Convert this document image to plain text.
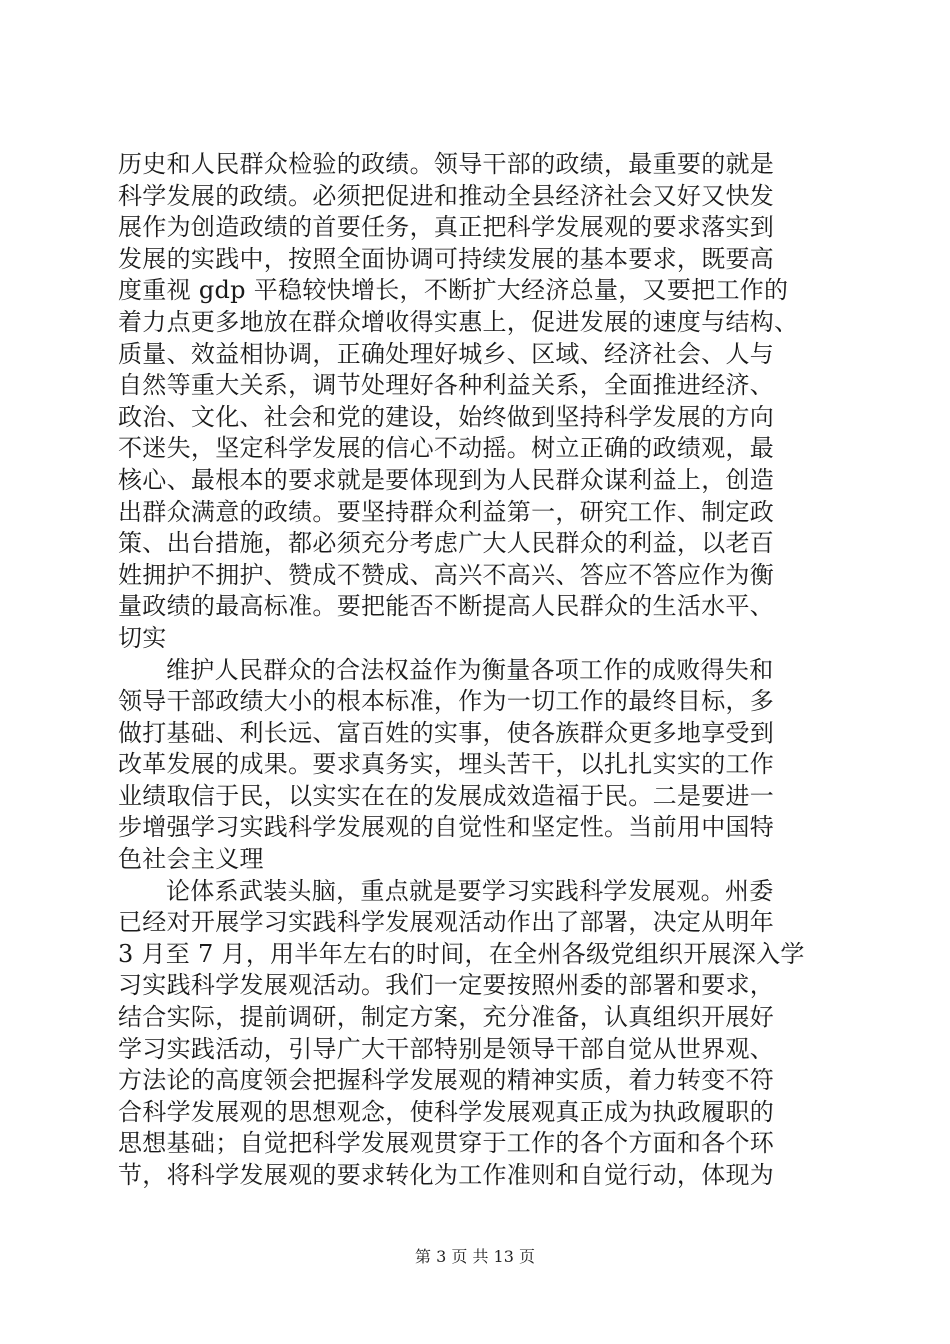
历史和人民群众检验的政绩。领导干部的政绩，最重要的就是
科学发展的政绩。必须把促进和推动全县经济社会又好又快发
展作为创造政绩的首要任务，真正把科学发展观的要求落实到
发展的实践中，按照全面协调可持续发展的基本要求，既要高
度重视 gdp 平稳较快增长，不断扩大经济总量，又要把工作的
着力点更多地放在群众增收得实惠上，促进发展的速度与结构、
质量、效益相协调，正确处理好城乡、区域、经济社会、人与
自然等重大关系，调节处理好各种利益关系，全面推进经济、
政治、文化、社会和党的建设，始终做到坚持科学发展的方向
不迷失，坚定科学发展的信心不动摇。树立正确的政绩观，最
核心、最根本的要求就是要体现到为人民群众谋利益上，创造
出群众满意的政绩。要坚持群众利益第一，研究工作、制定政
策、出台措施，都必须充分考虑广大人民群众的利益，以老百
姓拥护不拥护、赞成不赞成、高兴不高兴、答应不答应作为衡
量政绩的最高标准。要把能否不断提高人民群众的生活水平、
切实
维护人民群众的合法权益作为衡量各项工作的成败得失和
领导干部政绩大小的根本标准，作为一切工作的最终目标，多
做打基础、利长远、富百姓的实事，使各族群众更多地享受到
改革发展的成果。要求真务实，埋头苦干，以扎扎实实的工作
业绩取信于民，以实实在在的发展成效造福于民。二是要进一
步增强学习实践科学发展观的自觉性和坚定性。当前用中国特
色社会主义理
论体系武装头脑，重点就是要学习实践科学发展观。州委
已经对开展学习实践科学发展观活动作出了部署，决定从明年
3 月至 7 月，用半年左右的时间，在全州各级党组织开展深入学
习实践科学发展观活动。我们一定要按照州委的部署和要求，
结合实际，提前调研，制定方案，充分准备，认真组织开展好
学习实践活动，引导广大干部特别是领导干部自觉从世界观、
方法论的高度领会把握科学发展观的精神实质，着力转变不符
合科学发展观的思想观念，使科学发展观真正成为执政履职的
思想基础；自觉把科学发展观贯穿于工作的各个方面和各个环
节，将科学发展观的要求转化为工作准则和自觉行动，体现为
第 3 页 共 13 页
